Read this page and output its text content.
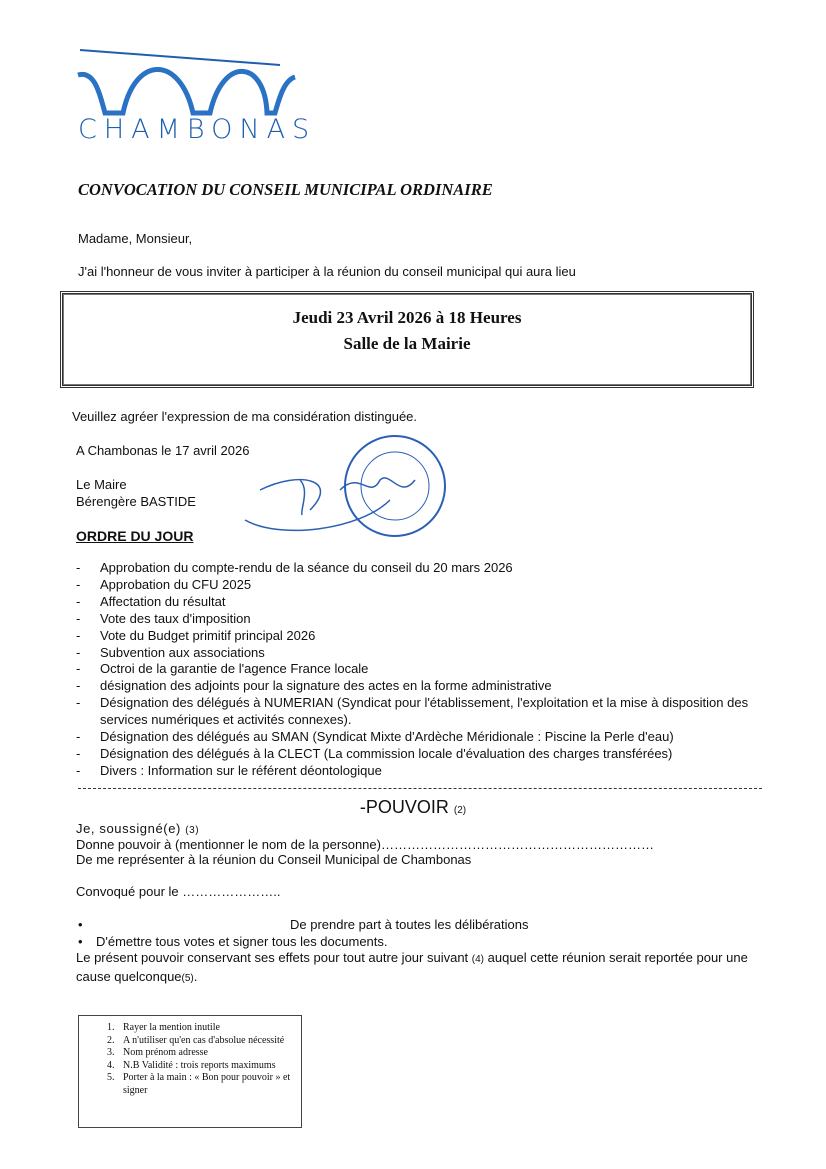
CHAMBONAS
CONVOCATION DU CONSEIL MUNICIPAL ORDINAIRE
Madame, Monsieur,
J'ai l'honneur de vous inviter à participer à la réunion du conseil municipal qui aura lieu
Jeudi 23 Avril 2026 à 18 Heures
Salle de la Mairie
Veuillez agréer l'expression de ma considération distinguée.
A Chambonas le 17 avril 2026
Le Maire
Bérengère BASTIDE
ORDRE DU JOUR
- Approbation du compte-rendu de la séance du conseil du 20 mars 2026
- Approbation du CFU 2025
- Affectation du résultat
- Vote des taux d'imposition
- Vote du Budget primitif principal 2026
- Subvention aux associations
- Octroi de la garantie de l'agence France locale
- désignation des adjoints pour la signature des actes en la forme administrative
- Désignation des délégués à NUMERIAN (Syndicat pour l'établissement, l'exploitation et la mise à disposition des services numériques et activités connexes).
- Désignation des délégués au SMAN (Syndicat Mixte d'Ardèche Méridionale : Piscine la Perle d'eau)
- Désignation des délégués à la CLECT (La commission locale d'évaluation des charges transférées)
- Divers : Information sur le référent déontologique
-POUVOIR (2)
Je, soussigné(e) (3)
Donne pouvoir à (mentionner le nom de la personne)………………………………………………………
De me représenter à la réunion du Conseil Municipal de Chambonas
Convoqué pour le …………………..
•	De prendre part à toutes les délibérations
• D'émettre tous votes et signer tous les documents.
Le présent pouvoir conservant ses effets pour tout autre jour suivant (4) auquel cette réunion serait reportée pour une cause quelconque(5).
1. Rayer la mention inutile
2. A n'utiliser qu'en cas d'absolue nécessité
3. Nom prénom adresse
4. N.B Validité : trois reports maximums
5. Porter à la main : « Bon pour pouvoir » et signer
